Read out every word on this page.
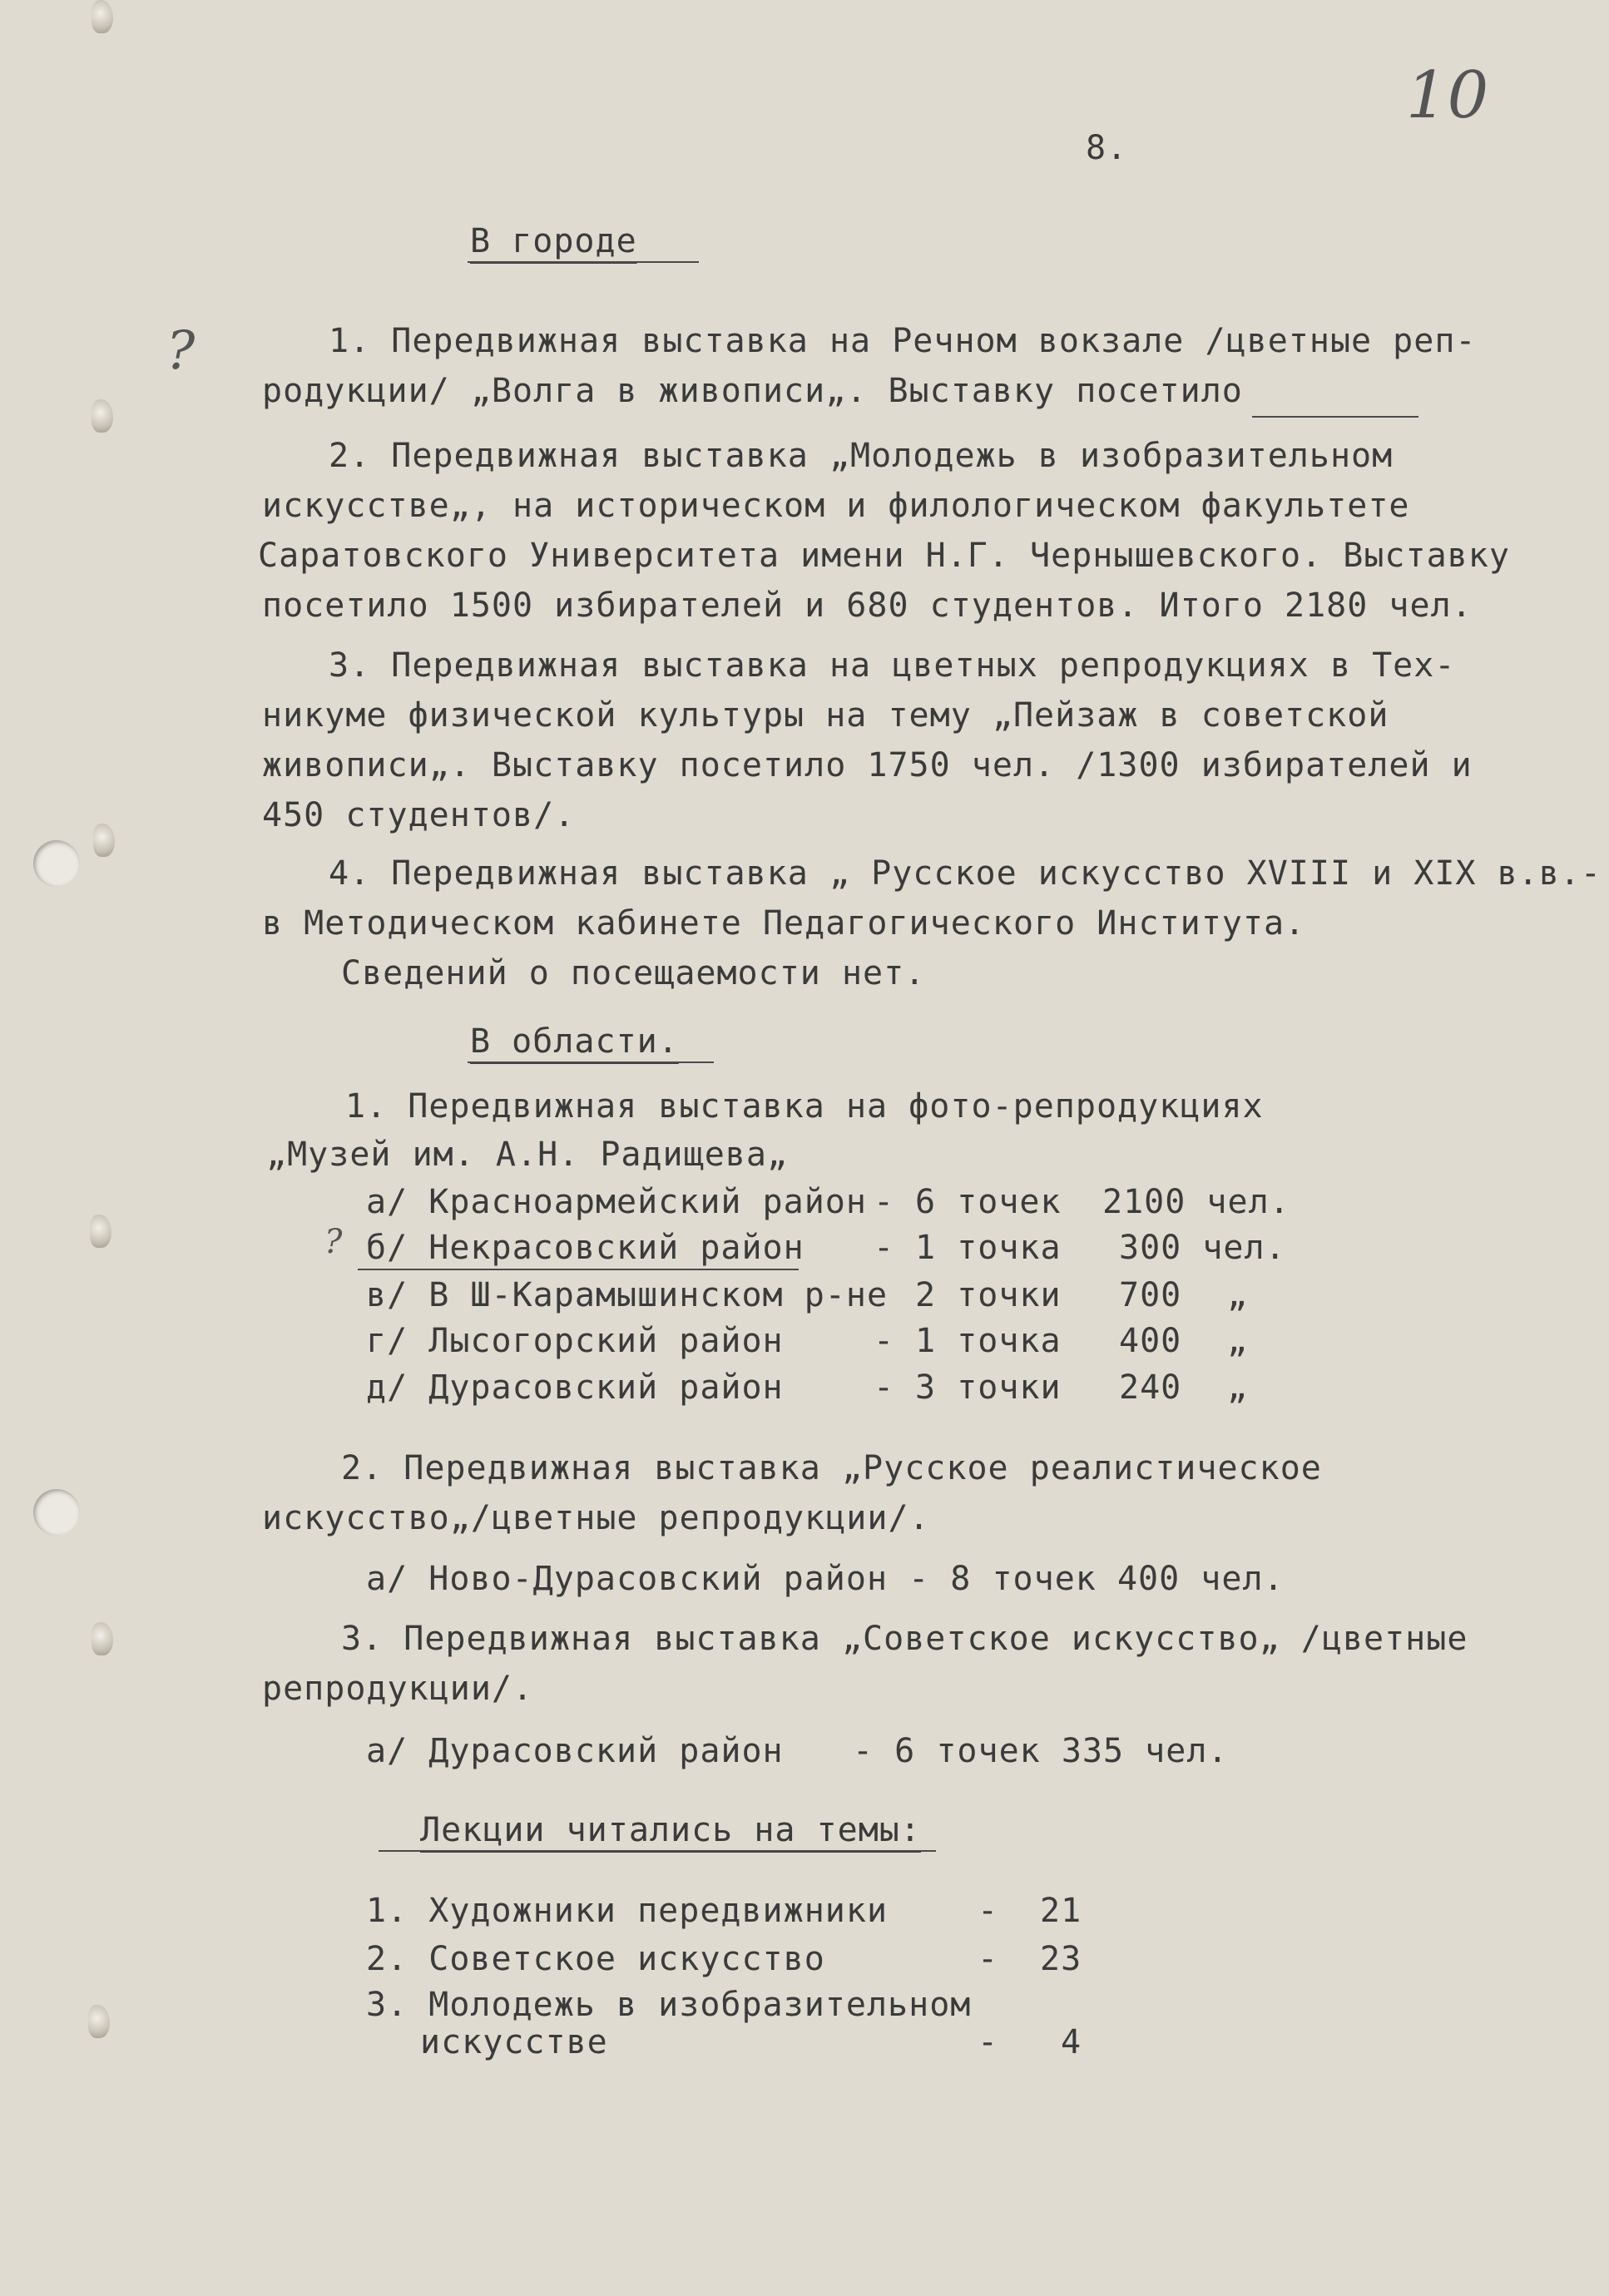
10
8.
В городе
?	1. Передвижная выставка на Речном вокзале /цветные реп-
родукции/ „Волга в живописи„. Выставку посетило
2. Передвижная выставка „Молодежь в изобразительном
искусстве„, на историческом и филологическом факультете
Саратовского Университета имени Н.Г. Чернышевского. Выставку
посетило 1500 избирателей и 680 студентов. Итого 2180 чел.
3. Передвижная выставка на цветных репродукциях в Тех-
никуме физической культуры на тему „Пейзаж в советской
живописи„. Выставку посетило 1750 чел. /1300 избирателей и
450 студентов/.
4. Передвижная выставка „ Русское искусство XVIII и XIX в.в.-
в Методическом кабинете Педагогического Института.
Сведений о посещаемости нет.
В области.
1. Передвижная выставка на фото-репродукциях
„Музей им. А.Н. Радищева„
а/ Красноармейский район - 6 точек 2100 чел.
? б/ Некрасовский район - 1 точка 300 чел.
в/ В Ш-Карамышинском р-не 2 точки 700 „
г/ Лысогорский район	- 1 точка 400 „
д/ Дурасовский район	- 3 точки 240 „
2. Передвижная выставка „Русское реалистическое
искусство„/цветные репродукции/.
а/ Ново-Дурасовский район - 8 точек 400 чел.
3. Передвижная выставка „Советское искусство„ /цветные
репродукции/.
а/ Дурасовский район - 6 точек 335 чел.
Лекции читались на темы:
1. Художники передвижники	- 21
2. Советское искусство	- 23
3. Молодежь в изобразительном
искусстве	- 4
